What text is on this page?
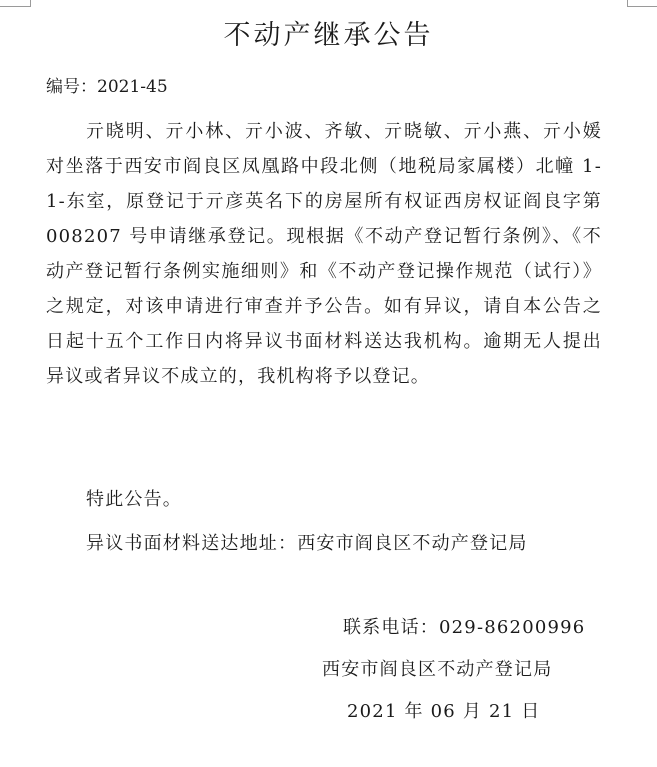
不动产继承公告
编号：2021-45

亓晓明、亓小林、亓小波、齐敏、亓晓敏、亓小燕、亓小媛对坐落于西安市阎良区凤凰路中段北侧（地税局家属楼）北幢 1-1-东室，原登记于亓彦英名下的房屋所有权证西房权证阎良字第 008207 号申请继承登记。现根据《不动产登记暂行条例》、《不动产登记暂行条例实施细则》和《不动产登记操作规范（试行）》之规定，对该申请进行审查并予公告。如有异议，请自本公告之日起十五个工作日内将异议书面材料送达我机构。逾期无人提出异议或者异议不成立的，我机构将予以登记。

特此公告。
异议书面材料送达地址：西安市阎良区不动产登记局
联系电话：029-86200996
西安市阎良区不动产登记局
2021 年 06 月 21 日
